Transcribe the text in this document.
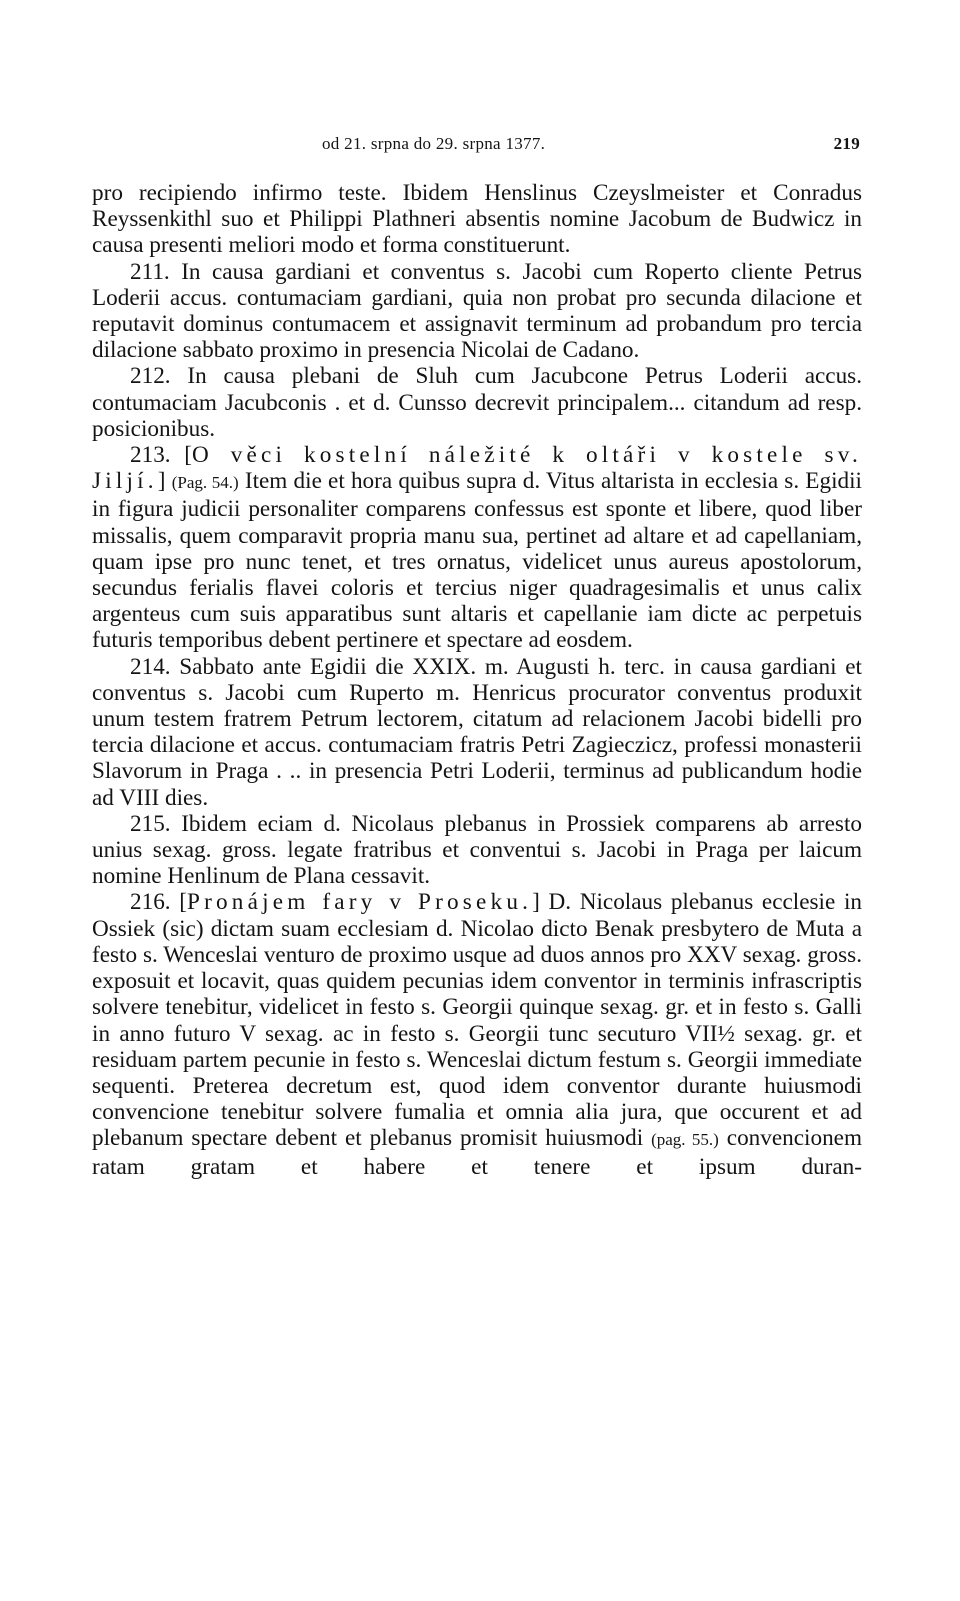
od 21. srpna do 29. srpna 1377.	219

pro recipiendo infirmo teste. Ibidem Henslinus Czeyslmeister et Conradus Reyssenkithl suo et Philippi Plathneri absentis nomine Jacobum de Budwicz in causa presenti meliori modo et forma constituerunt.

211. In causa gardiani et conventus s. Jacobi cum Roperto cliente Petrus Loderii accus. contumaciam gardiani, quia non probat pro secunda dilacione et reputavit dominus contumacem et assignavit terminum ad probandum pro tercia dilacione sabbato proximo in presencia Nicolai de Cadano.

212. In causa plebani de Sluh cum Jacubcone Petrus Loderii accus. contumaciam Jacubconis . et d. Cunsso decrevit principalem... citandum ad resp. posicionibus.

213. [O věci kostelní náležité k oltáři v kostele sv. Jiljí.] (Pag. 54.) Item die et hora quibus supra d. Vitus altarista in ecclesia s. Egidii in figura judicii personaliter comparens confessus est sponte et libere, quod liber missalis, quem comparavit propria manu sua, pertinet ad altare et ad capellaniam, quam ipse pro nunc tenet, et tres ornatus, videlicet unus aureus apostolorum, secundus ferialis flavei coloris et tercius niger quadragesimalis et unus calix argenteus cum suis apparatibus sunt altaris et capellanie iam dicte ac perpetuis futuris temporibus debent pertinere et spectare ad eosdem.

214. Sabbato ante Egidii die XXIX. m. Augusti h. terc. in causa gardiani et conventus s. Jacobi cum Ruperto m. Henricus procurator conventus produxit unum testem fratrem Petrum lectorem, citatum ad relacionem Jacobi bidelli pro tercia dilacione et accus. contumaciam fratris Petri Zagieczicz, professi monasterii Slavorum in Praga . .. in presencia Petri Loderii, terminus ad publicandum hodie ad VIII dies.

215. Ibidem eciam d. Nicolaus plebanus in Prossiek comparens ab arresto unius sexag. gross. legate fratribus et conventui s. Jacobi in Praga per laicum nomine Henlinum de Plana cessavit.

216. [Pronájem fary v Proseku.] D. Nicolaus plebanus ecclesie in Ossiek (sic) dictam suam ecclesiam d. Nicolao dicto Benak presbytero de Muta a festo s. Wenceslai venturo de proximo usque ad duos annos pro XXV sexag. gross. exposuit et locavit, quas quidem pecunias idem conventor in terminis infrascriptis solvere tenebitur, videlicet in festo s. Georgii quinque sexag. gr. et in festo s. Galli in anno futuro V sexag. ac in festo s. Georgii tunc secuturo VII½ sexag. gr. et residuam partem pecunie in festo s. Wenceslai dictum festum s. Georgii immediate sequenti. Preterea decretum est, quod idem conventor durante huiusmodi convencione tenebitur solvere fumalia et omnia alia jura, que occurent et ad plebanum spectare debent et plebanus promisit huiusmodi (pag. 55.) convencionem ratam gratam et habere et tenere et ipsum duran-
